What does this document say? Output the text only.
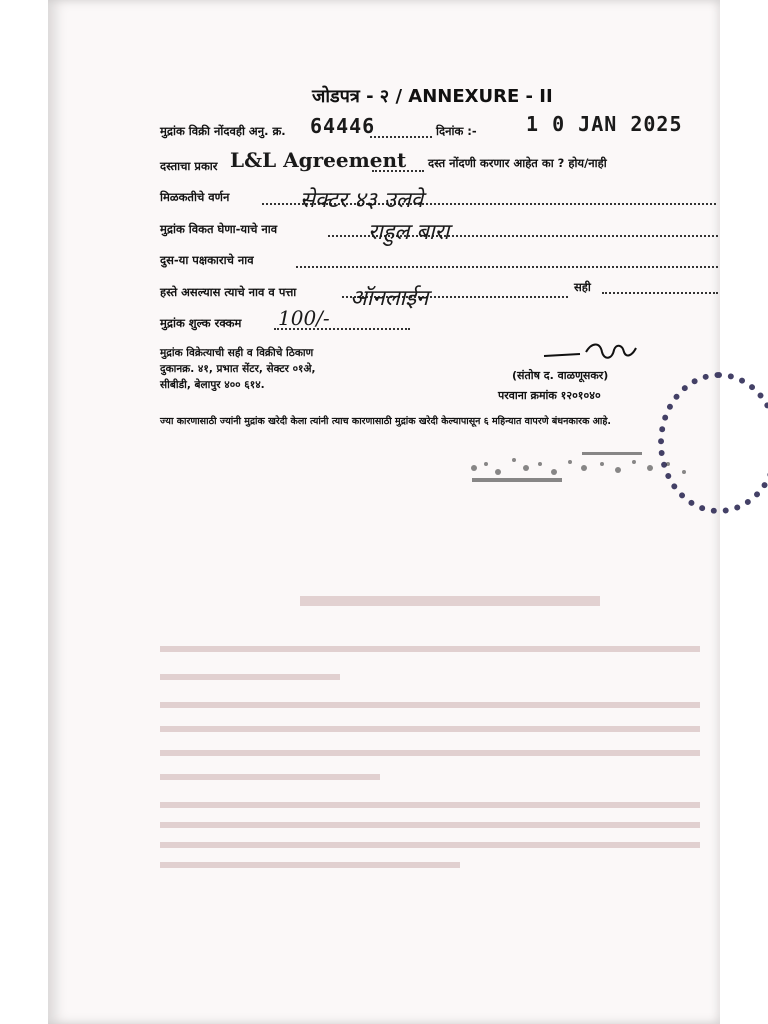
जोडपत्र - २ / ANNEXURE - II
मुद्रांक विक्री नोंदवही अनु. क्र. 64446	दिनांक :- 1 0 JAN 2025
दस्ताचा प्रकार L&L Agreement दस्त नोंदणी करणार आहेत का ? होय/नाही
मिळकतीचे वर्णन	सेक्टर ४३ उलवे
मुद्रांक विकत घेणा-याचे नाव	राहुल बारा
दुस-या पक्षकाराचे नाव
हस्ते असल्यास त्याचे नाव व पत्ता ऑनलाईन	सही
मुद्रांक शुल्क रक्कम 100/-
मुद्रांक विक्रेत्याची सही व विक्रीचे ठिकाण
दुकानक्र. ४१, प्रभात सेंटर, सेक्टर ०१अे,
सीबीडी, बेलापुर ४०० ६१४.
(संतोष द. वाळणूसकर)
परवाना क्रमांक १२०१०४०
ज्या कारणासाठी ज्यांनी मुद्रांक खरेदी केला त्यांनी त्याच कारणासाठी मुद्रांक खरेदी केल्यापासून ६ महिन्यात वापरणे बंधनकारक आहे.
